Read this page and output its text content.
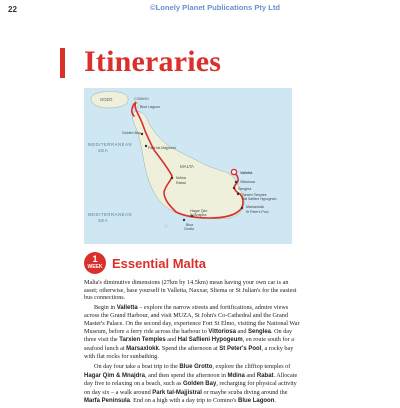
22	©Lonely Planet Publications Pty Ltd
Itineraries
MEDITERRANEAN
SEA
MEDITERRANEAN
SEA
GOZO	COMINO
Blue Lagoon
Golden Bay
Park tal-Majjistral
MALTA
Mdina
Rabat
Valletta
Vittoriosa
Senglea
Tarxien Temples
Hal Saflieni Hypogeum
Marsaxlokk
St Peter's Pool
Hagar Qim
& Mnajdra
Blue
Grotto
1
WEEK Essential Malta

Malta's diminutive dimensions (27km by 14.5km) mean having your own car is an asset; otherwise, base yourself in Valletta, Naxxar, Sliema or St Julian's for the easiest bus connections.

Begin in Valletta – explore the narrow streets and fortifications, admire views across the Grand Harbour, and visit MUZA, St John's Co-Cathedral and the Grand Master's Palace. On the second day, experience Fort St Elmo, visiting the National War Museum, before a ferry ride across the harbour to Vittoriosa and Senglea. On day three visit the Tarxien Temples and Hal Saflieni Hypogeum, en route south for a seafood lunch at Marsaxlokk. Spend the afternoon at St Peter's Pool, a rocky bay with flat rocks for sunbathing.

On day four take a boat trip to the Blue Grotto, explore the clifftop temples of Hagar Qim & Mnajdra, and then spend the afternoon in Mdina and Rabat. Allocate day five to relaxing on a beach, such as Golden Bay, recharging for physical activity on day six – a walk around Park tal-Majjistral or maybe scuba diving around the Marfa Peninsula. End on a high with a day trip to Comino's Blue Lagoon.
